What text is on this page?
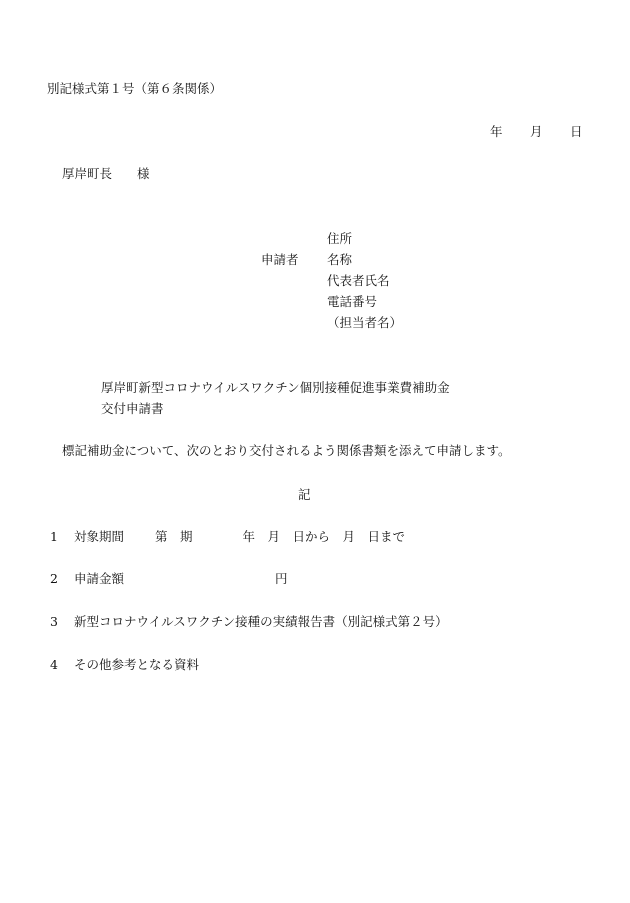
別記様式第１号（第６条関係）
年 月 日
厚岸町長　　様
申請者
住所
名称
代表者氏名
電話番号
（担当者名）
厚岸町新型コロナウイルスワクチン個別接種促進事業費補助金
交付申請書
標記補助金について、次のとおり交付されるよう関係書類を添えて申請します。
記
1 対象期間 第　期　　　　年　月　日から　月　日まで
2 申請金額	円
3 新型コロナウイルスワクチン接種の実績報告書（別記様式第２号）
4 その他参考となる資料
